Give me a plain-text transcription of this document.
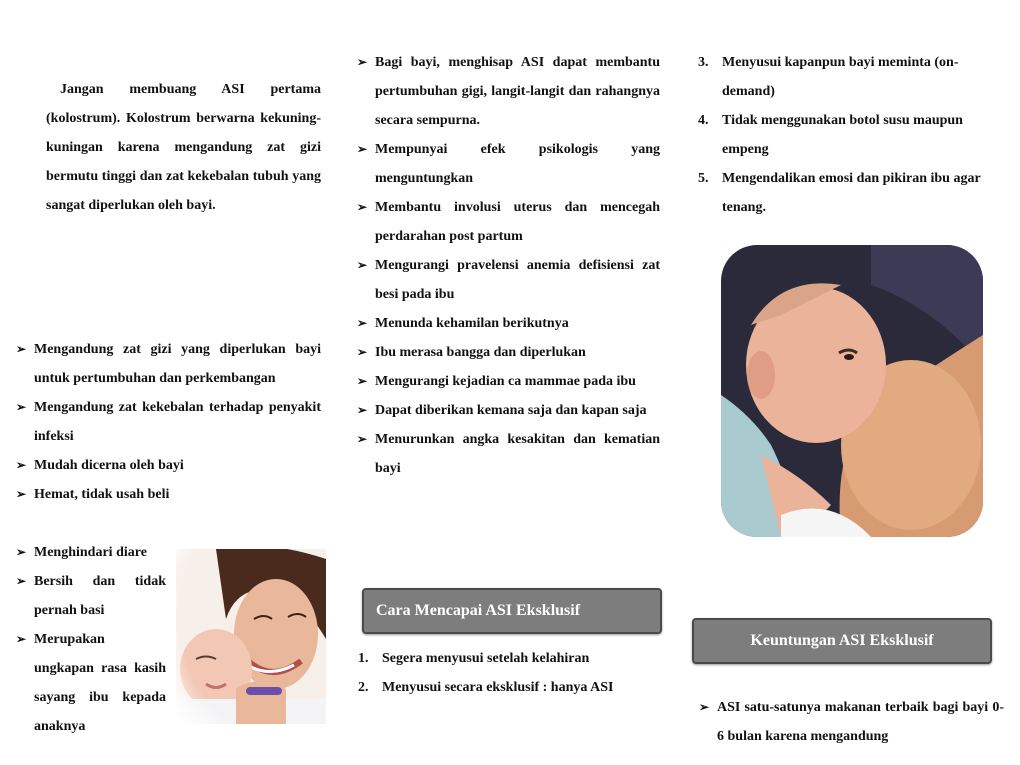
Jangan membuang ASI pertama (kolostrum). Kolostrum berwarna kekuning-kuningan karena mengandung zat gizi bermutu tinggi dan zat kekebalan tubuh yang sangat diperlukan oleh bayi.

➢ Mengandung zat gizi yang diperlukan bayi untuk pertumbuhan dan perkembangan
➢ Mengandung zat kekebalan terhadap penyakit infeksi
➢ Mudah dicerna oleh bayi
➢ Hemat, tidak usah beli
➢ Menghindari diare
➢ Bersih dan tidak pernah basi
➢ Merupakan ungkapan rasa kasih sayang ibu kepada anaknya
➢ Bagi bayi, menghisap ASI dapat membantu pertumbuhan gigi, langit-langit dan rahangnya secara sempurna.
➢ Mempunyai efek psikologis yang menguntungkan
➢ Membantu involusi uterus dan mencegah perdarahan post partum
➢ Mengurangi pravelensi anemia defisiensi zat besi pada ibu
➢ Menunda kehamilan berikutnya
➢ Ibu merasa bangga dan diperlukan
➢ Mengurangi kejadian ca mammae pada ibu
➢ Dapat diberikan kemana saja dan kapan saja
➢ Menurunkan angka kesakitan dan kematian bayi
Cara Mencapai ASI Eksklusif
1. Segera menyusui setelah kelahiran
2. Menyusui secara eksklusif : hanya ASI
3. Menyusui kapanpun bayi meminta (on-demand)
4. Tidak menggunakan botol susu maupun empeng
5. Mengendalikan emosi dan pikiran ibu agar tenang.
Keuntungan ASI Eksklusif
➢ ASI satu-satunya makanan terbaik bagi bayi 0-6 bulan karena mengandung
